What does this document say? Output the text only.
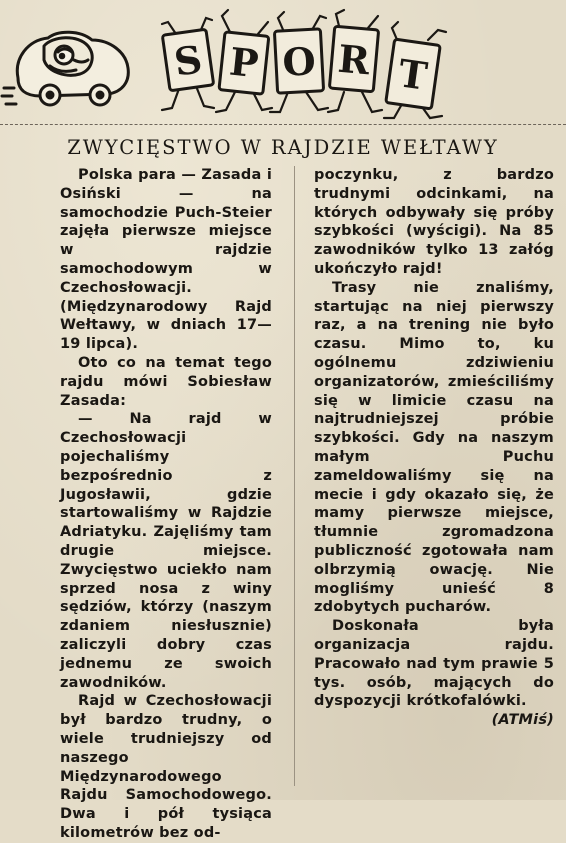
S P O R T
ZWYCIĘSTWO W RAJDZIE WEŁTAWY

Polska para — Zasada i Osiński — na samochodzie Puch-Steier zajęła pierwsze miejsce w rajdzie samochodowym w Czechosłowacji. (Międzynarodowy Rajd Wełtawy, w dniach 17—19 lipca).

Oto co na temat tego rajdu mówi Sobiesław Zasada:

— Na rajd w Czechosłowacji pojechaliśmy bezpośrednio z Jugosławii, gdzie startowaliśmy w Rajdzie Adriatyku. Zajęliśmy tam drugie miejsce. Zwycięstwo uciekło nam sprzed nosa z winy sędziów, którzy (naszym zdaniem niesłusznie) zaliczyli dobry czas jednemu ze swoich zawodników.

Rajd w Czechosłowacji był bardzo trudny, o wiele trudniejszy od naszego Międzynarodowego Rajdu Samochodowego. Dwa i pół tysiąca kilometrów bez od-

poczynku, z bardzo trudnymi odcinkami, na których odbywały się próby szybkości (wyścigi). Na 85 zawodników tylko 13 załóg ukończyło rajd!

Trasy nie znaliśmy, startując na niej pierwszy raz, a na trening nie było czasu. Mimo to, ku ogólnemu zdziwieniu organizatorów, zmieściliśmy się w limicie czasu na najtrudniejszej próbie szybkości. Gdy na naszym małym Puchu zameldowaliśmy się na mecie i gdy okazało się, że mamy pierwsze miejsce, tłumnie zgromadzona publiczność zgotowała nam olbrzymią owację. Nie mogliśmy unieść 8 zdobytych pucharów.

Doskonała była organizacja rajdu. Pracowało nad tym prawie 5 tys. osób, mających do dyspozycji krótkofalówki.
(ATMiś)
